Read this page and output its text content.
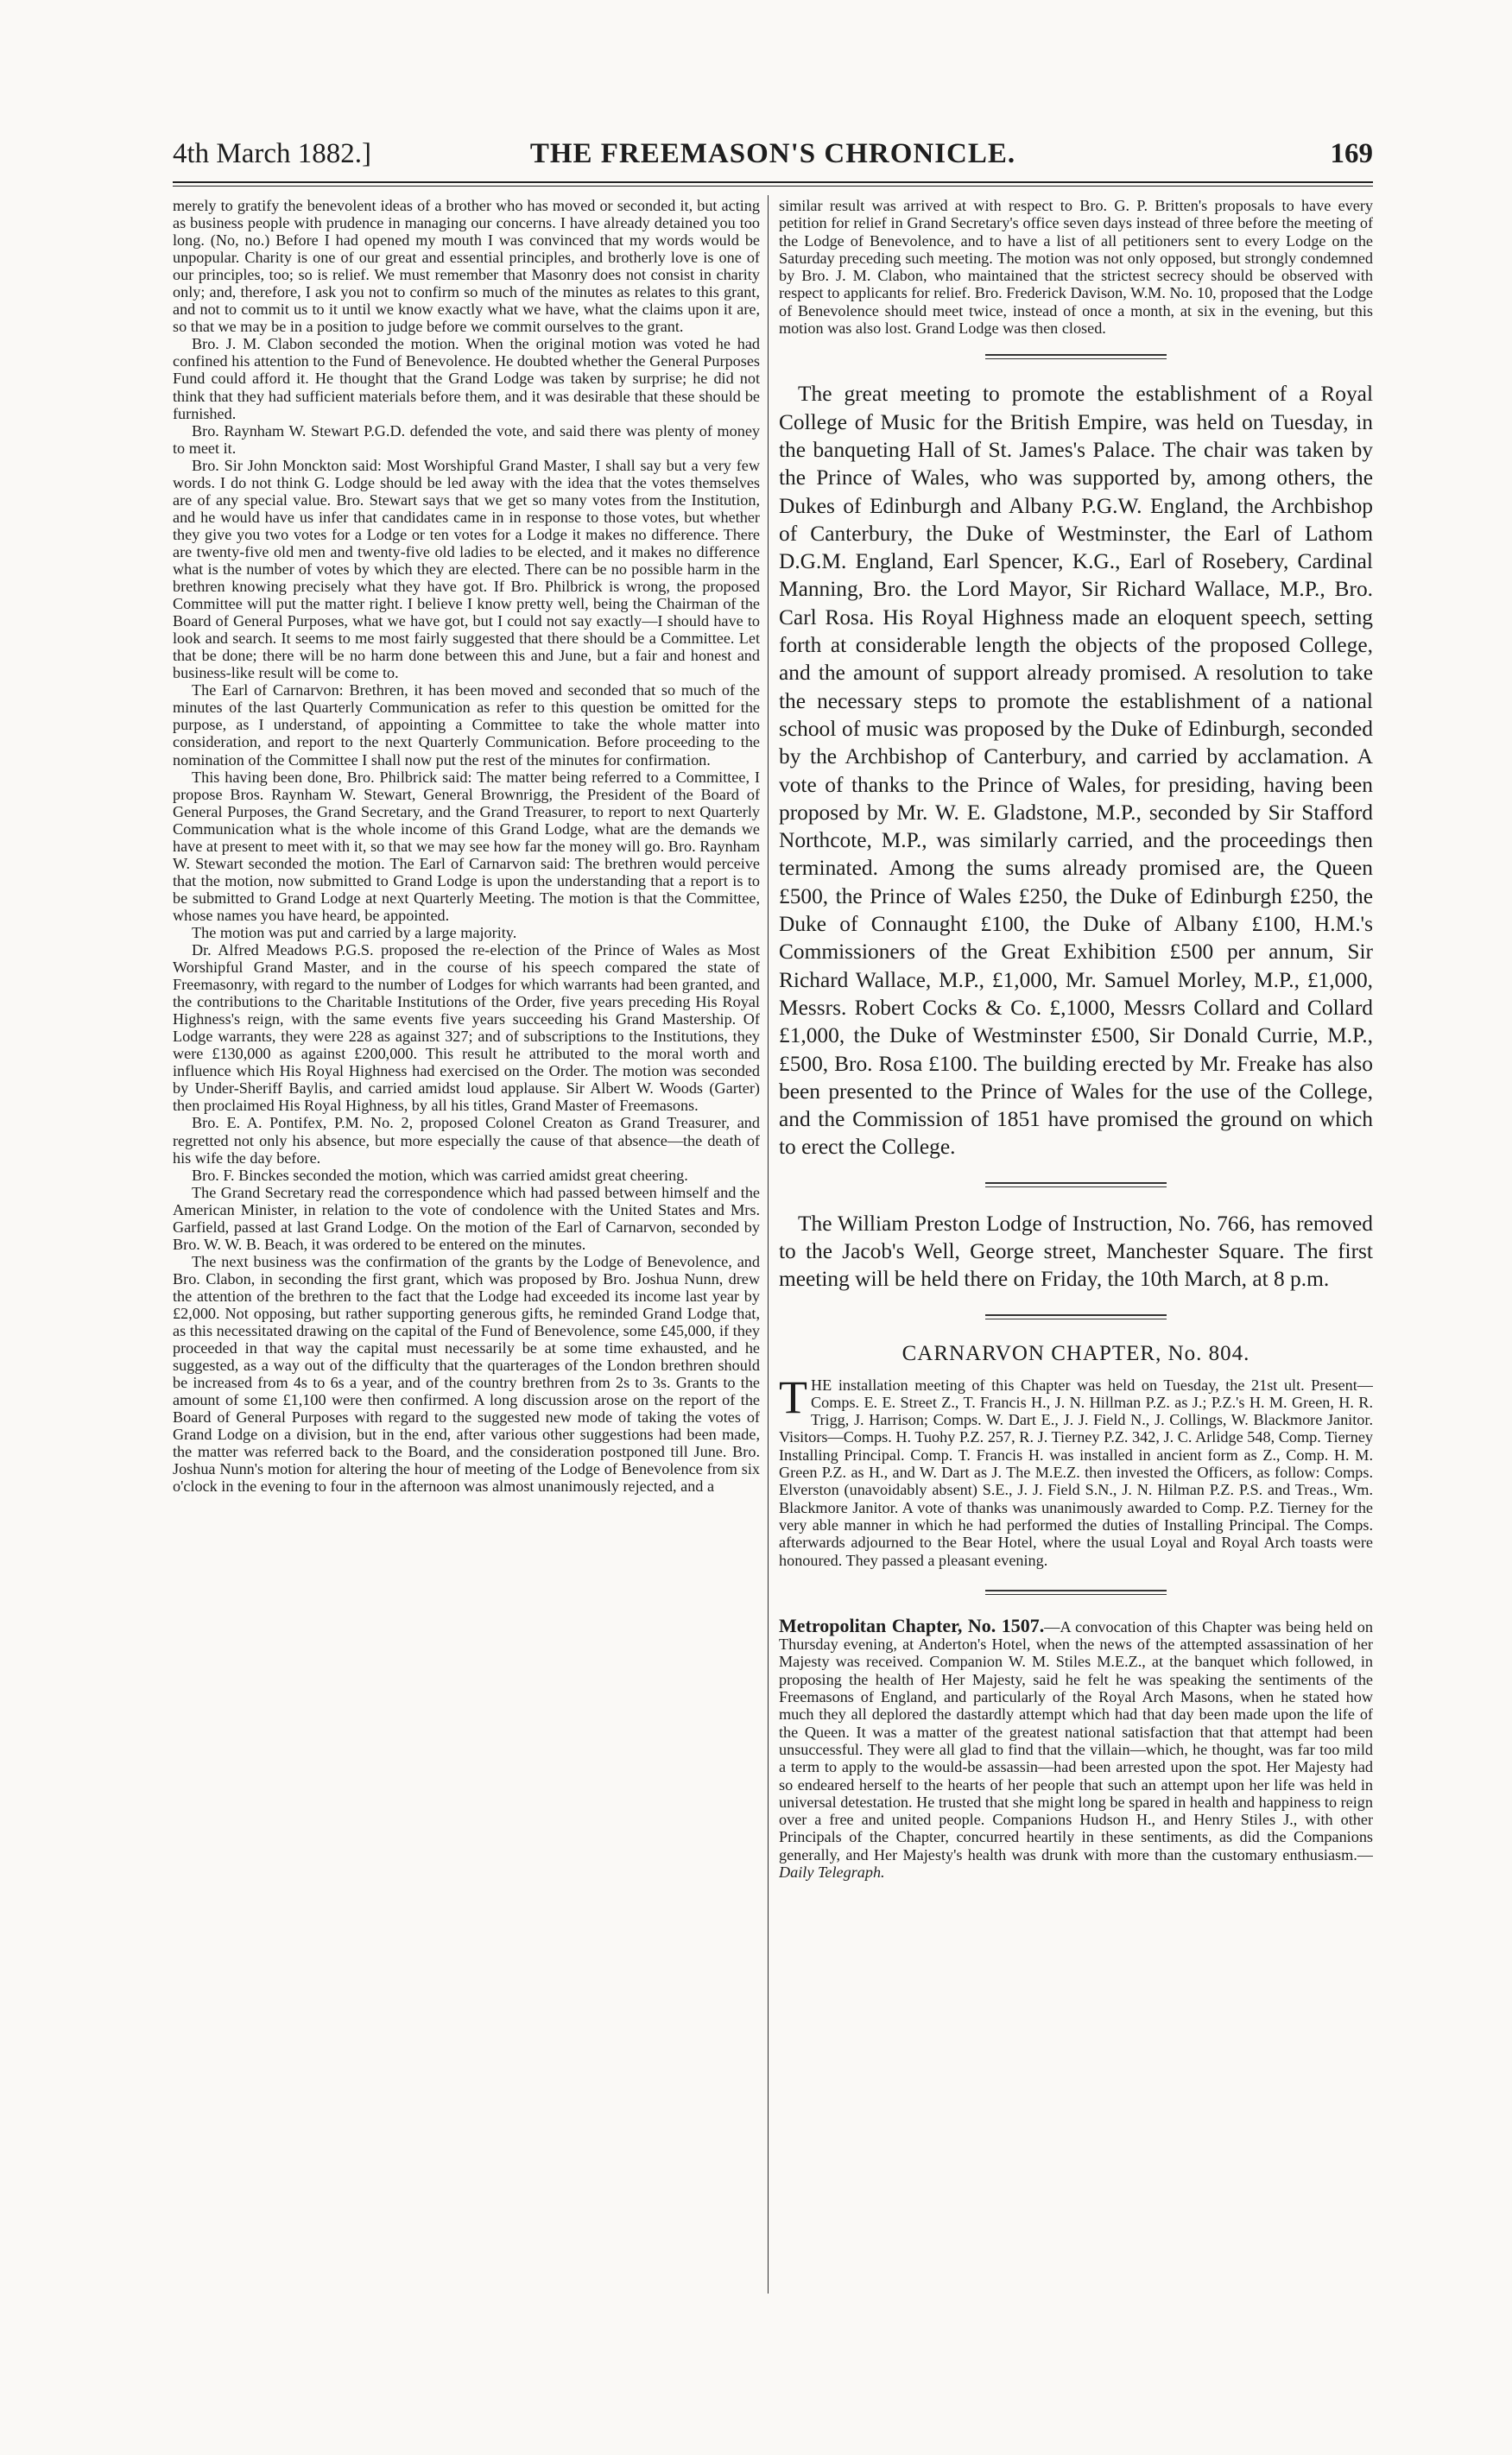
4th March 1882.]	THE FREEMASON'S CHRONICLE.	169

merely to gratify the benevolent ideas of a brother who has moved or seconded it, but acting as business people with prudence in managing our concerns. I have already detained you too long. (No, no.) Before I had opened my mouth I was convinced that my words would be unpopular. Charity is one of our great and essential principles, and brotherly love is one of our principles, too; so is relief. We must remember that Masonry does not consist in charity only; and, therefore, I ask you not to confirm so much of the minutes as relates to this grant, and not to commit us to it until we know exactly what we have, what the claims upon it are, so that we may be in a position to judge before we commit ourselves to the grant.

Bro. J. M. Clabon seconded the motion. When the original motion was voted he had confined his attention to the Fund of Benevolence. He doubted whether the General Purposes Fund could afford it. He thought that the Grand Lodge was taken by surprise; he did not think that they had sufficient materials before them, and it was desirable that these should be furnished.

Bro. Raynham W. Stewart P.G.D. defended the vote, and said there was plenty of money to meet it.

Bro. Sir John Monckton said: Most Worshipful Grand Master, I shall say but a very few words. I do not think G. Lodge should be led away with the idea that the votes themselves are of any special value. Bro. Stewart says that we get so many votes from the Institution, and he would have us infer that candidates came in in response to those votes, but whether they give you two votes for a Lodge or ten votes for a Lodge it makes no difference. There are twenty-five old men and twenty-five old ladies to be elected, and it makes no difference what is the number of votes by which they are elected. There can be no possible harm in the brethren knowing precisely what they have got. If Bro. Philbrick is wrong, the proposed Committee will put the matter right. I believe I know pretty well, being the Chairman of the Board of General Purposes, what we have got, but I could not say exactly—I should have to look and search. It seems to me most fairly suggested that there should be a Committee. Let that be done; there will be no harm done between this and June, but a fair and honest and business-like result will be come to.

The Earl of Carnarvon: Brethren, it has been moved and seconded that so much of the minutes of the last Quarterly Communication as refer to this question be omitted for the purpose, as I understand, of appointing a Committee to take the whole matter into consideration, and report to the next Quarterly Communication. Before proceeding to the nomination of the Committee I shall now put the rest of the minutes for confirmation.

This having been done, Bro. Philbrick said: The matter being referred to a Committee, I propose Bros. Raynham W. Stewart, General Brownrigg, the President of the Board of General Purposes, the Grand Secretary, and the Grand Treasurer, to report to next Quarterly Communication what is the whole income of this Grand Lodge, what are the demands we have at present to meet with it, so that we may see how far the money will go. Bro. Raynham W. Stewart seconded the motion. The Earl of Carnarvon said: The brethren would perceive that the motion, now submitted to Grand Lodge is upon the understanding that a report is to be submitted to Grand Lodge at next Quarterly Meeting. The motion is that the Committee, whose names you have heard, be appointed.

The motion was put and carried by a large majority.

Dr. Alfred Meadows P.G.S. proposed the re-election of the Prince of Wales as Most Worshipful Grand Master, and in the course of his speech compared the state of Freemasonry, with regard to the number of Lodges for which warrants had been granted, and the contributions to the Charitable Institutions of the Order, five years preceding His Royal Highness's reign, with the same events five years succeeding his Grand Mastership. Of Lodge warrants, they were 228 as against 327; and of subscriptions to the Institutions, they were £130,000 as against £200,000. This result he attributed to the moral worth and influence which His Royal Highness had exercised on the Order. The motion was seconded by Under-Sheriff Baylis, and carried amidst loud applause. Sir Albert W. Woods (Garter) then proclaimed His Royal Highness, by all his titles, Grand Master of Freemasons.

Bro. E. A. Pontifex, P.M. No. 2, proposed Colonel Creaton as Grand Treasurer, and regretted not only his absence, but more especially the cause of that absence—the death of his wife the day before.

Bro. F. Binckes seconded the motion, which was carried amidst great cheering.

The Grand Secretary read the correspondence which had passed between himself and the American Minister, in relation to the vote of condolence with the United States and Mrs. Garfield, passed at last Grand Lodge. On the motion of the Earl of Carnarvon, seconded by Bro. W. W. B. Beach, it was ordered to be entered on the minutes.

The next business was the confirmation of the grants by the Lodge of Benevolence, and Bro. Clabon, in seconding the first grant, which was proposed by Bro. Joshua Nunn, drew the attention of the brethren to the fact that the Lodge had exceeded its income last year by £2,000. Not opposing, but rather supporting generous gifts, he reminded Grand Lodge that, as this necessitated drawing on the capital of the Fund of Benevolence, some £45,000, if they proceeded in that way the capital must necessarily be at some time exhausted, and he suggested, as a way out of the difficulty that the quarterages of the London brethren should be increased from 4s to 6s a year, and of the country brethren from 2s to 3s. Grants to the amount of some £1,100 were then confirmed. A long discussion arose on the report of the Board of General Purposes with regard to the suggested new mode of taking the votes of Grand Lodge on a division, but in the end, after various other suggestions had been made, the matter was referred back to the Board, and the consideration postponed till June. Bro. Joshua Nunn's motion for altering the hour of meeting of the Lodge of Benevolence from six o'clock in the evening to four in the afternoon was almost unanimously rejected, and a

similar result was arrived at with respect to Bro. G. P. Britten's proposals to have every petition for relief in Grand Secretary's office seven days instead of three before the meeting of the Lodge of Benevolence, and to have a list of all petitioners sent to every Lodge on the Saturday preceding such meeting. The motion was not only opposed, but strongly condemned by Bro. J. M. Clabon, who maintained that the strictest secrecy should be observed with respect to applicants for relief. Bro. Frederick Davison, W.M. No. 10, proposed that the Lodge of Benevolence should meet twice, instead of once a month, at six in the evening, but this motion was also lost. Grand Lodge was then closed.

The great meeting to promote the establishment of a Royal College of Music for the British Empire, was held on Tuesday, in the banqueting Hall of St. James's Palace. The chair was taken by the Prince of Wales, who was supported by, among others, the Dukes of Edinburgh and Albany P.G.W. England, the Archbishop of Canterbury, the Duke of Westminster, the Earl of Lathom D.G.M. England, Earl Spencer, K.G., Earl of Rosebery, Cardinal Manning, Bro. the Lord Mayor, Sir Richard Wallace, M.P., Bro. Carl Rosa. His Royal Highness made an eloquent speech, setting forth at considerable length the objects of the proposed College, and the amount of support already promised. A resolution to take the necessary steps to promote the establishment of a national school of music was proposed by the Duke of Edinburgh, seconded by the Archbishop of Canterbury, and carried by acclamation. A vote of thanks to the Prince of Wales, for presiding, having been proposed by Mr. W. E. Gladstone, M.P., seconded by Sir Stafford Northcote, M.P., was similarly carried, and the proceedings then terminated. Among the sums already promised are, the Queen £500, the Prince of Wales £250, the Duke of Edinburgh £250, the Duke of Connaught £100, the Duke of Albany £100, H.M.'s Commissioners of the Great Exhibition £500 per annum, Sir Richard Wallace, M.P., £1,000, Mr. Samuel Morley, M.P., £1,000, Messrs. Robert Cocks & Co. £,1000, Messrs Collard and Collard £1,000, the Duke of Westminster £500, Sir Donald Currie, M.P., £500, Bro. Rosa £100. The building erected by Mr. Freake has also been presented to the Prince of Wales for the use of the College, and the Commission of 1851 have promised the ground on which to erect the College.

The William Preston Lodge of Instruction, No. 766, has removed to the Jacob's Well, George street, Manchester Square. The first meeting will be held there on Friday, the 10th March, at 8 p.m.

CARNARVON CHAPTER, No. 804.

THE installation meeting of this Chapter was held on Tuesday, the 21st ult. Present—Comps. E. E. Street Z., T. Francis H., J. N. Hillman P.Z. as J.; P.Z.'s H. M. Green, H. R. Trigg, J. Harrison; Comps. W. Dart E., J. J. Field N., J. Collings, W. Blackmore Janitor. Visitors—Comps. H. Tuohy P.Z. 257, R. J. Tierney P.Z. 342, J. C. Arlidge 548, Comp. Tierney Installing Principal. Comp. T. Francis H. was installed in ancient form as Z., Comp. H. M. Green P.Z. as H., and W. Dart as J. The M.E.Z. then invested the Officers, as follow: Comps. Elverston (unavoidably absent) S.E., J. J. Field S.N., J. N. Hilman P.Z. P.S. and Treas., Wm. Blackmore Janitor. A vote of thanks was unanimously awarded to Comp. P.Z. Tierney for the very able manner in which he had performed the duties of Installing Principal. The Comps. afterwards adjourned to the Bear Hotel, where the usual Loyal and Royal Arch toasts were honoured. They passed a pleasant evening.

Metropolitan Chapter, No. 1507.—A convocation of this Chapter was being held on Thursday evening, at Anderton's Hotel, when the news of the attempted assassination of her Majesty was received. Companion W. M. Stiles M.E.Z., at the banquet which followed, in proposing the health of Her Majesty, said he felt he was speaking the sentiments of the Freemasons of England, and particularly of the Royal Arch Masons, when he stated how much they all deplored the dastardly attempt which had that day been made upon the life of the Queen. It was a matter of the greatest national satisfaction that that attempt had been unsuccessful. They were all glad to find that the villain—which, he thought, was far too mild a term to apply to the would-be assassin—had been arrested upon the spot. Her Majesty had so endeared herself to the hearts of her people that such an attempt upon her life was held in universal detestation. He trusted that she might long be spared in health and happiness to reign over a free and united people. Companions Hudson H., and Henry Stiles J., with other Principals of the Chapter, concurred heartily in these sentiments, as did the Companions generally, and Her Majesty's health was drunk with more than the customary enthusiasm.—Daily Telegraph.
